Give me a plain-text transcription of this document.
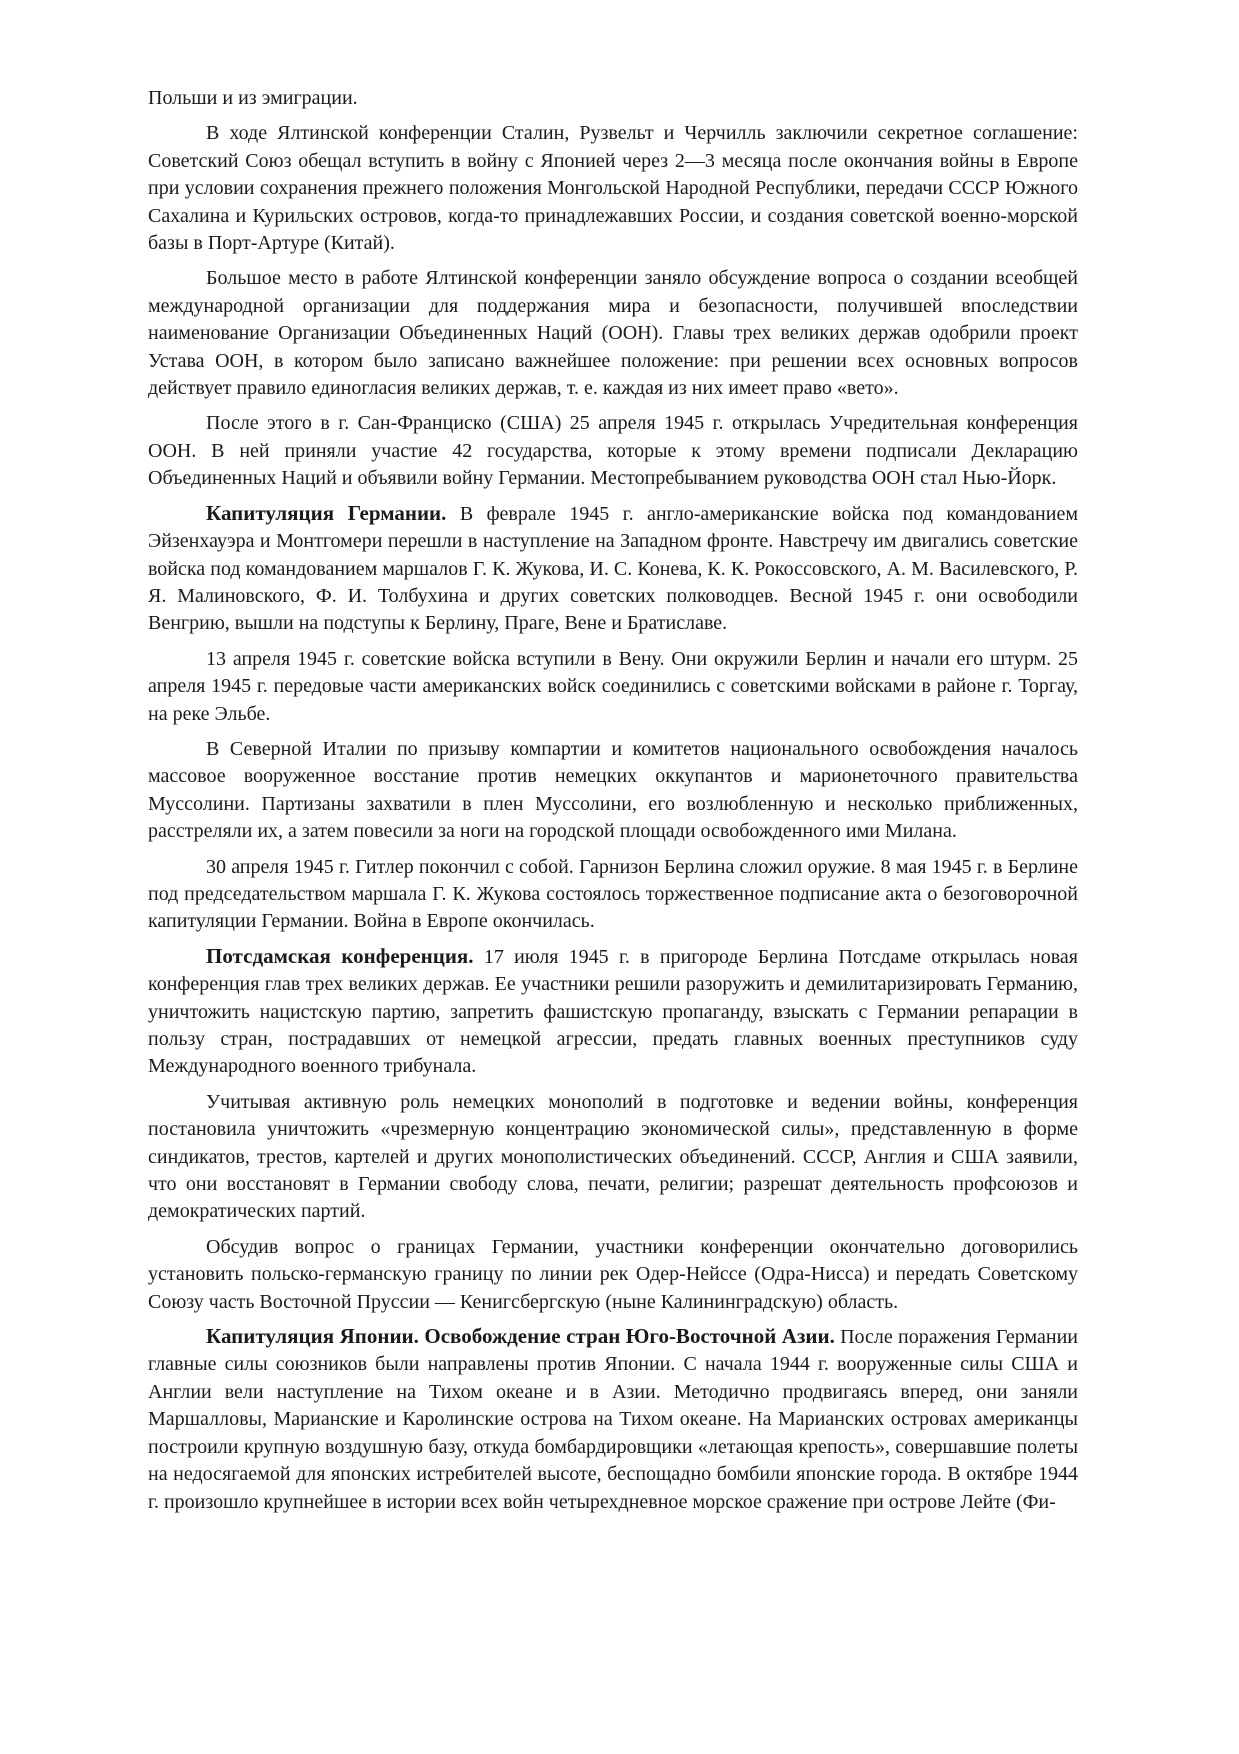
Польши и из эмиграции.

В ходе Ялтинской конференции Сталин, Рузвельт и Черчилль заключили секретное соглашение: Советский Союз обещал вступить в войну с Японией через 2—3 месяца после окончания войны в Европе при условии сохранения прежнего положения Монгольской Народной Республики, передачи СССР Южного Сахалина и Курильских островов, когда-то принадлежавших России, и создания советской военно-морской базы в Порт-Артуре (Китай).

Большое место в работе Ялтинской конференции заняло обсуждение вопроса о создании всеобщей международной организации для поддержания мира и безопасности, получившей впоследствии наименование Организации Объединенных Наций (ООН). Главы трех великих держав одобрили проект Устава ООН, в котором было записано важнейшее положение: при решении всех основных вопросов действует правило единогласия великих держав, т. е. каждая из них имеет право «вето».

После этого в г. Сан-Франциско (США) 25 апреля 1945 г. открылась Учредительная конференция ООН. В ней приняли участие 42 государства, которые к этому времени подписали Декларацию Объединенных Наций и объявили войну Германии. Местопребыванием руководства ООН стал Нью-Йорк.

Капитуляция Германии. В феврале 1945 г. англо-американские войска под командованием Эйзенхауэра и Монтгомери перешли в наступление на Западном фронте. Навстречу им двигались советские войска под командованием маршалов Г. К. Жукова, И. С. Конева, К. К. Рокоссовского, А. М. Василевского, Р. Я. Малиновского, Ф. И. Толбухина и других советских полководцев. Весной 1945 г. они освободили Венгрию, вышли на подступы к Берлину, Праге, Вене и Братиславе.

13 апреля 1945 г. советские войска вступили в Вену. Они окружили Берлин и начали его штурм. 25 апреля 1945 г. передовые части американских войск соединились с советскими войсками в районе г. Торгау, на реке Эльбе.

В Северной Италии по призыву компартии и комитетов национального освобождения началось массовое вооруженное восстание против немецких оккупантов и марионеточного правительства Муссолини. Партизаны захватили в плен Муссолини, его возлюбленную и несколько приближенных, расстреляли их, а затем повесили за ноги на городской площади освобожденного ими Милана.

30 апреля 1945 г. Гитлер покончил с собой. Гарнизон Берлина сложил оружие. 8 мая 1945 г. в Берлине под председательством маршала Г. К. Жукова состоялось торжественное подписание акта о безоговорочной капитуляции Германии. Война в Европе окончилась.

Потсдамская конференция. 17 июля 1945 г. в пригороде Берлина Потсдаме открылась новая конференция глав трех великих держав. Ее участники решили разоружить и демилитаризировать Германию, уничтожить нацистскую партию, запретить фашистскую пропаганду, взыскать с Германии репарации в пользу стран, пострадавших от немецкой агрессии, предать главных военных преступников суду Международного военного трибунала.

Учитывая активную роль немецких монополий в подготовке и ведении войны, конференция постановила уничтожить «чрезмерную концентрацию экономической силы», представленную в форме синдикатов, трестов, картелей и других монополистических объединений. СССР, Англия и США заявили, что они восстановят в Германии свободу слова, печати, религии; разрешат деятельность профсоюзов и демократических партий.

Обсудив вопрос о границах Германии, участники конференции окончательно договорились установить польско-германскую границу по линии рек Одер-Нейссе (Одра-Нисса) и передать Советскому Союзу часть Восточной Пруссии — Кенигсбергскую (ныне Калининградскую) область.

Капитуляция Японии. Освобождение стран Юго-Восточной Азии. После поражения Германии главные силы союзников были направлены против Японии. С начала 1944 г. вооруженные силы США и Англии вели наступление на Тихом океане и в Азии. Методично продвигаясь вперед, они заняли Маршалловы, Марианские и Каролинские острова на Тихом океане. На Марианских островах американцы построили крупную воздушную базу, откуда бомбардировщики «летающая крепость», совершавшие полеты на недосягаемой для японских истребителей высоте, беспощадно бомбили японские города. В октябре 1944 г. произошло крупнейшее в истории всех войн четырехдневное морское сражение при острове Лейте (Фи-
